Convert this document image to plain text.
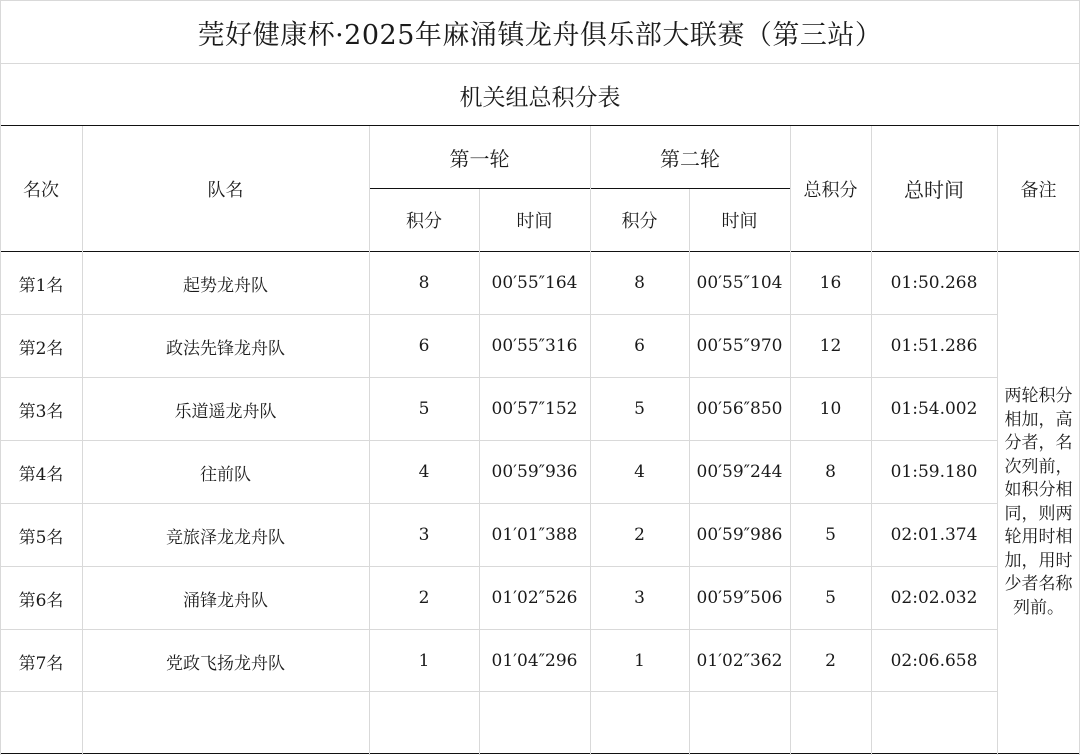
莞好健康杯·2025年麻涌镇龙舟俱乐部大联赛（第三站）
机关组总积分表
名次	队名
第一轮	第二轮
积分	时间	积分	时间
总积分	总时间	备注
两轮积分相加，高分者，名次列前，如积分相同，则两轮用时相加，用时少者名称列前。
第1名	起势龙舟队	8	00′55″164	8	00′55″104	16	01:50.268
第2名	政法先锋龙舟队	6	00′55″316	6	00′55″970	12	01:51.286
第3名	乐道遥龙舟队	5	00′57″152	5	00′56″850	10	01:54.002
第4名	往前队	4	00′59″936	4	00′59″244	8	01:59.180
第5名	竞旅泽龙龙舟队	3	01′01″388	2	00′59″986	5	02:01.374
第6名	涌锋龙舟队	2	01′02″526	3	00′59″506	5	02:02.032
第7名	党政飞扬龙舟队	1	01′04″296	1	01′02″362	2	02:06.658
